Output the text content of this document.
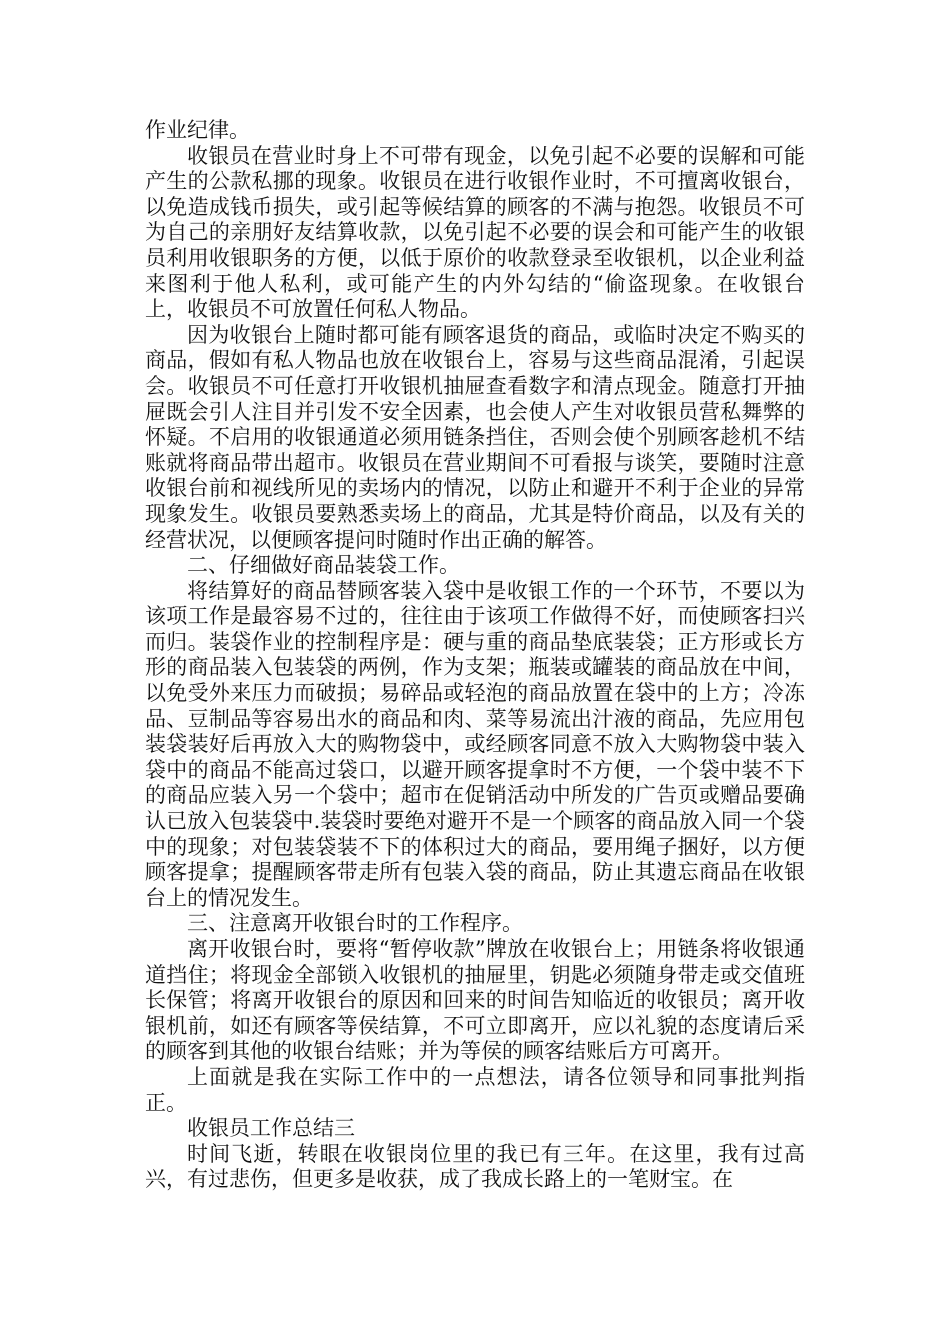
作业纪律。

收银员在营业时身上不可带有现金，以免引起不必要的误解和可能产生的公款私挪的现象。收银员在进行收银作业时，不可擅离收银台，以免造成钱币损失，或引起等候结算的顾客的不满与抱怨。收银员不可为自己的亲朋好友结算收款，以免引起不必要的误会和可能产生的收银员利用收银职务的方便，以低于原价的收款登录至收银机，以企业利益来图利于他人私利，或可能产生的内外勾结的“偷盗现象。在收银台上，收银员不可放置任何私人物品。

因为收银台上随时都可能有顾客退货的商品，或临时决定不购买的商品，假如有私人物品也放在收银台上，容易与这些商品混淆，引起误会。收银员不可任意打开收银机抽屉查看数字和清点现金。随意打开抽屉既会引人注目并引发不安全因素，也会使人产生对收银员营私舞弊的怀疑。不启用的收银通道必须用链条挡住，否则会使个别顾客趁机不结账就将商品带出超市。收银员在营业期间不可看报与谈笑，要随时注意收银台前和视线所见的卖场内的情况，以防止和避开不利于企业的异常现象发生。收银员要熟悉卖场上的商品，尤其是特价商品，以及有关的经营状况，以便顾客提问时随时作出正确的解答。

二、仔细做好商品装袋工作。

将结算好的商品替顾客装入袋中是收银工作的一个环节，不要以为该项工作是最容易不过的，往往由于该项工作做得不好，而使顾客扫兴而归。装袋作业的控制程序是：硬与重的商品垫底装袋；正方形或长方形的商品装入包装袋的两例，作为支架；瓶装或罐装的商品放在中间，以免受外来压力而破损；易碎品或轻泡的商品放置在袋中的上方；冷冻品、豆制品等容易出水的商品和肉、菜等易流出汁液的商品，先应用包装袋装好后再放入大的购物袋中，或经顾客同意不放入大购物袋中装入袋中的商品不能高过袋口，以避开顾客提拿时不方便，一个袋中装不下的商品应装入另一个袋中；超市在促销活动中所发的广告页或赠品要确认已放入包装袋中.装袋时要绝对避开不是一个顾客的商品放入同一个袋中的现象；对包装袋装不下的体积过大的商品，要用绳子捆好，以方便顾客提拿；提醒顾客带走所有包装入袋的商品，防止其遗忘商品在收银台上的情况发生。

三、注意离开收银台时的工作程序。

离开收银台时，要将“暂停收款”牌放在收银台上；用链条将收银通道挡住；将现金全部锁入收银机的抽屉里，钥匙必须随身带走或交值班长保管；将离开收银台的原因和回来的时间告知临近的收银员；离开收银机前，如还有顾客等侯结算，不可立即离开，应以礼貌的态度请后采的顾客到其他的收银台结账；并为等侯的顾客结账后方可离开。

上面就是我在实际工作中的一点想法，请各位领导和同事批判指正。

收银员工作总结三

时间飞逝，转眼在收银岗位里的我已有三年。在这里，我有过高兴，有过悲伤，但更多是收获，成了我成长路上的一笔财宝。在
